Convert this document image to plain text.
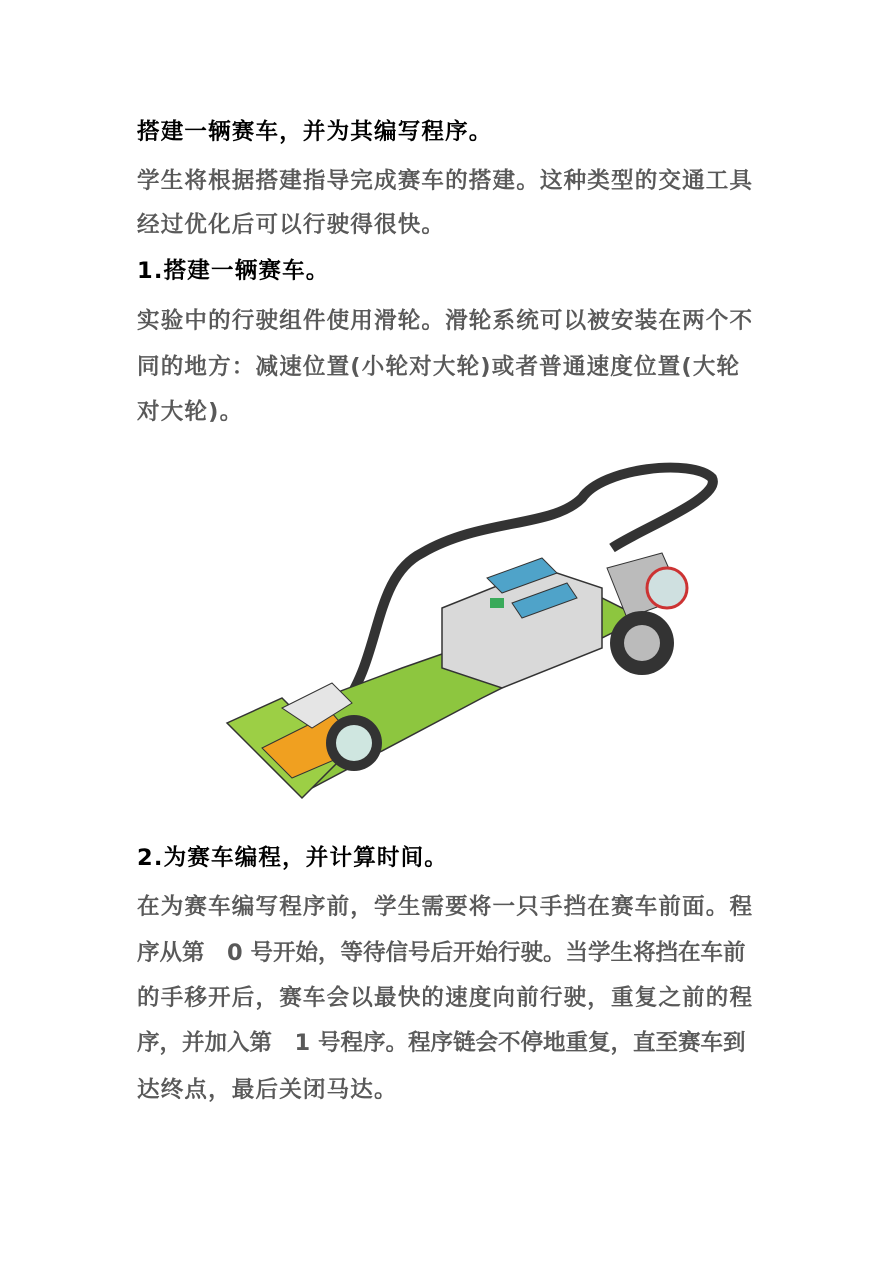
搭建一辆赛车，并为其编写程序。
学生将根据搭建指导完成赛车的搭建。这种类型的交通工具
经过优化后可以行驶得很快。
1.搭建一辆赛车。
实验中的行驶组件使用滑轮。滑轮系统可以被安装在两个不
同的地方：减速位置(小轮对大轮)或者普通速度位置(大轮
对大轮)。
2.为赛车编程，并计算时间。
在为赛车编写程序前，学生需要将一只手挡在赛车前面。程
序从第　0 号开始，等待信号后开始行驶。当学生将挡在车前
的手移开后，赛车会以最快的速度向前行驶，重复之前的程
序，并加入第　1 号程序。程序链会不停地重复，直至赛车到
达终点，最后关闭马达。
